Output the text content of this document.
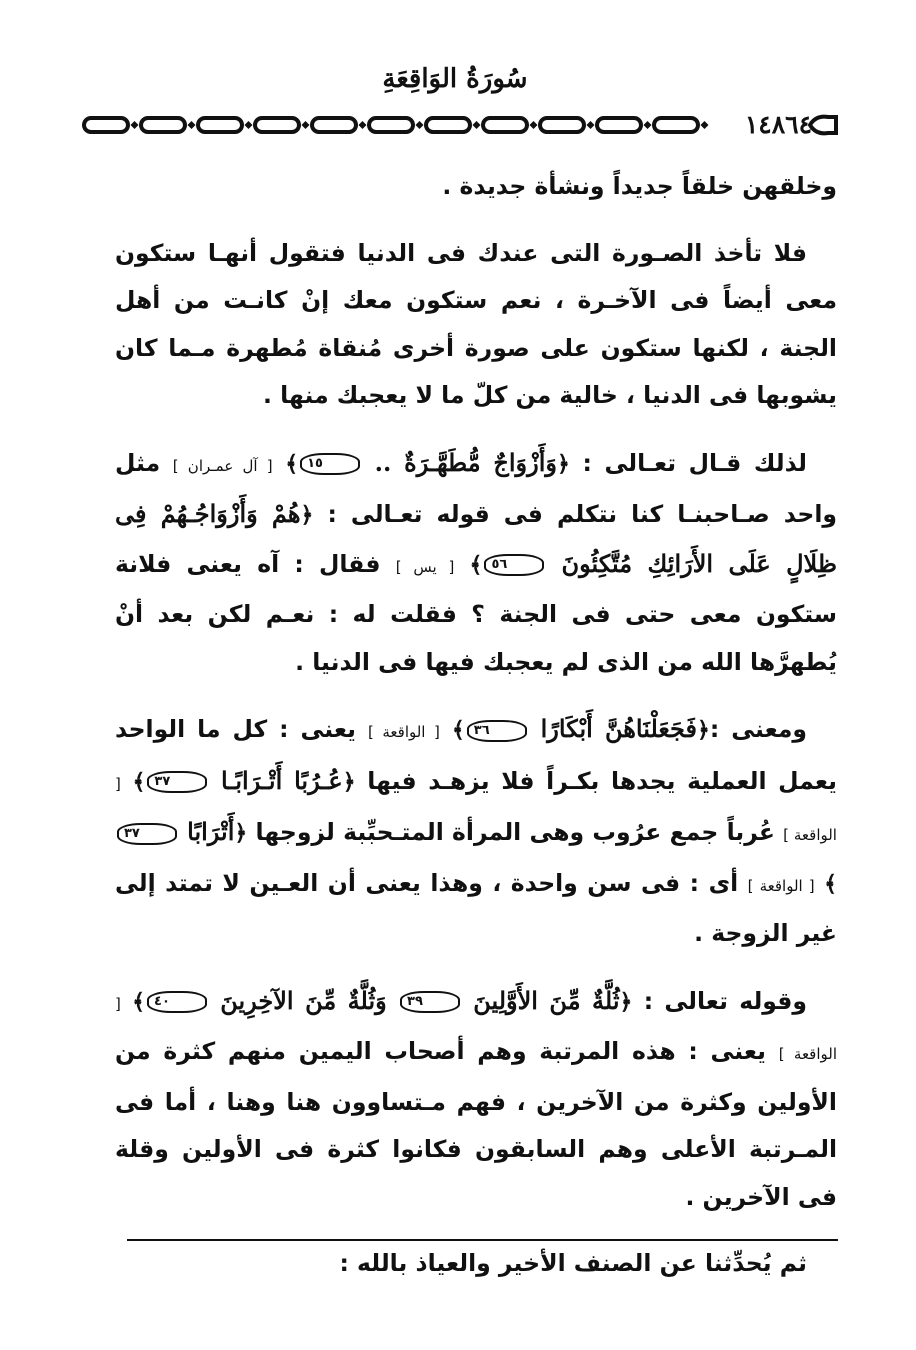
سُورَةُ الوَاقِعَةِ
١٤٨٦٤

وخلقهن خلقاً جديداً ونشأة جديدة .

فلا تأخذ الصـورة التى عندك فى الدنيا فتقول أنهـا ستكون معى أيضاً فى الآخـرة ، نعم ستكون معك إنْ كانـت من أهل الجنة ، لكنها ستكون على صورة أخرى مُنقاة مُطهرة مـما كان يشوبها فى الدنيا ، خالية من كلّ ما لا يعجبك منها .

لذلك قـال تعـالى : ﴿وَأَزْوَاجٌ مُّطَهَّـرَةٌ .. ١٥﴾ [ آل عمـران ] مثل واحد صـاحبنـا كنا نتكلم فى قوله تعـالى : ﴿هُمْ وَأَزْوَاجُـهُمْ فِى ظِلَالٍ عَلَى الأَرَائِكِ مُتَّكِئُونَ ٥٦﴾ [ يس ] فقال : آه يعنى فلانة ستكون معى حتى فى الجنة ؟ فقلت له : نعـم لكن بعد أنْ يُطهرَّها الله من الذى لم يعجبك فيها فى الدنيا .

ومعنى :﴿فَجَعَلْنَاهُنَّ أَبْكَارًا ٣٦﴾ [ الواقعة ] يعنى : كل ما الواحد يعمل العملية يجدها بكـراً فلا يزهـد فيها ﴿عُـرُبًا أَتْـرَابًـا ٣٧﴾ [ الواقعة ] عُرباً جمع عرُوب وهى المرأة المتـحبِّبة لزوجها ﴿أَتْرَابًا ٣٧﴾ [ الواقعة ] أى : فى سن واحدة ، وهذا يعنى أن العـين لا تمتد إلى غير الزوجة .

وقوله تعالى : ﴿ثُلَّةٌ مِّنَ الأَوَّلِينَ ٣٩ وَثُلَّةٌ مِّنَ الآخِرِينَ ٤٠﴾ [ الواقعة ] يعنى : هذه المرتبة وهم أصحاب اليمين منهم كثرة من الأولين وكثرة من الآخرين ، فهم مـتساوون هنا وهنا ، أما فى المـرتبة الأعلى وهم السابقون فكانوا كثرة فى الأولين وقلة فى الآخرين .

ثم يُحدِّثنا عن الصنف الأخير والعياذ بالله :
